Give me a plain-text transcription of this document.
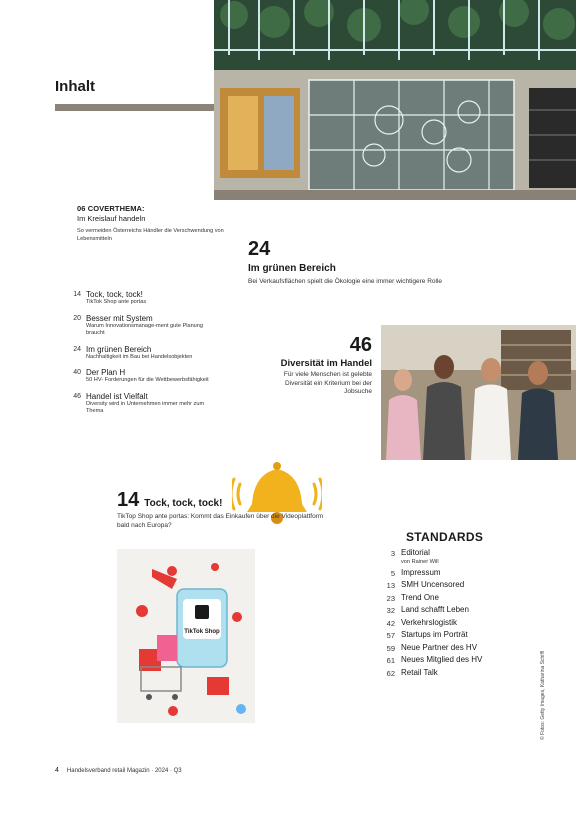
Inhalt
06 COVERTHEMA:
Im Kreislauf handeln
So vermeiden Österreichs Händler die Verschwendung von Lebensmitteln	24
Im grünen Bereich
Bei Verkaufsflächen spielt die Ökologie eine immer wichtigere Rolle
14 Tock, tock, tock!
TikTok Shop ante portas
20 Besser mit System
Warum Innovationsmanage-ment gute Planung braucht
24 Im grünen Bereich
Nachhaltigkeit im Bau bei Handelsobjekten
40 Der Plan H
50 HV- Forderungen für die Wettbewerbsfähigkeit
46 Handel ist Vielfalt
Diversity wird in Unternehmen immer mehr zum Thema
46
Diversität im Handel
Für viele Menschen ist gelebte Diversität ein Kriterium bei der Jobsuche
14 Tock, tock, tock!
TikTop Shop ante portas: Kommt das Einkaufen über die Videoplattform bald nach Europa?
TikTok Shop
STANDARDS
3 Editorial
von Rainer Will
5 Impressum
13 SMH Uncensored
23 Trend One
32 Land schafft Leben
42 Verkehrslogistik
57 Startups im Porträt
59 Neue Partner des HV
61 Neues Mitglied des HV
62 Retail Talk	© Fotos: Getty Images, Katharina Schiffl
4 Handelsverband retail Magazin · 2024 · Q3
